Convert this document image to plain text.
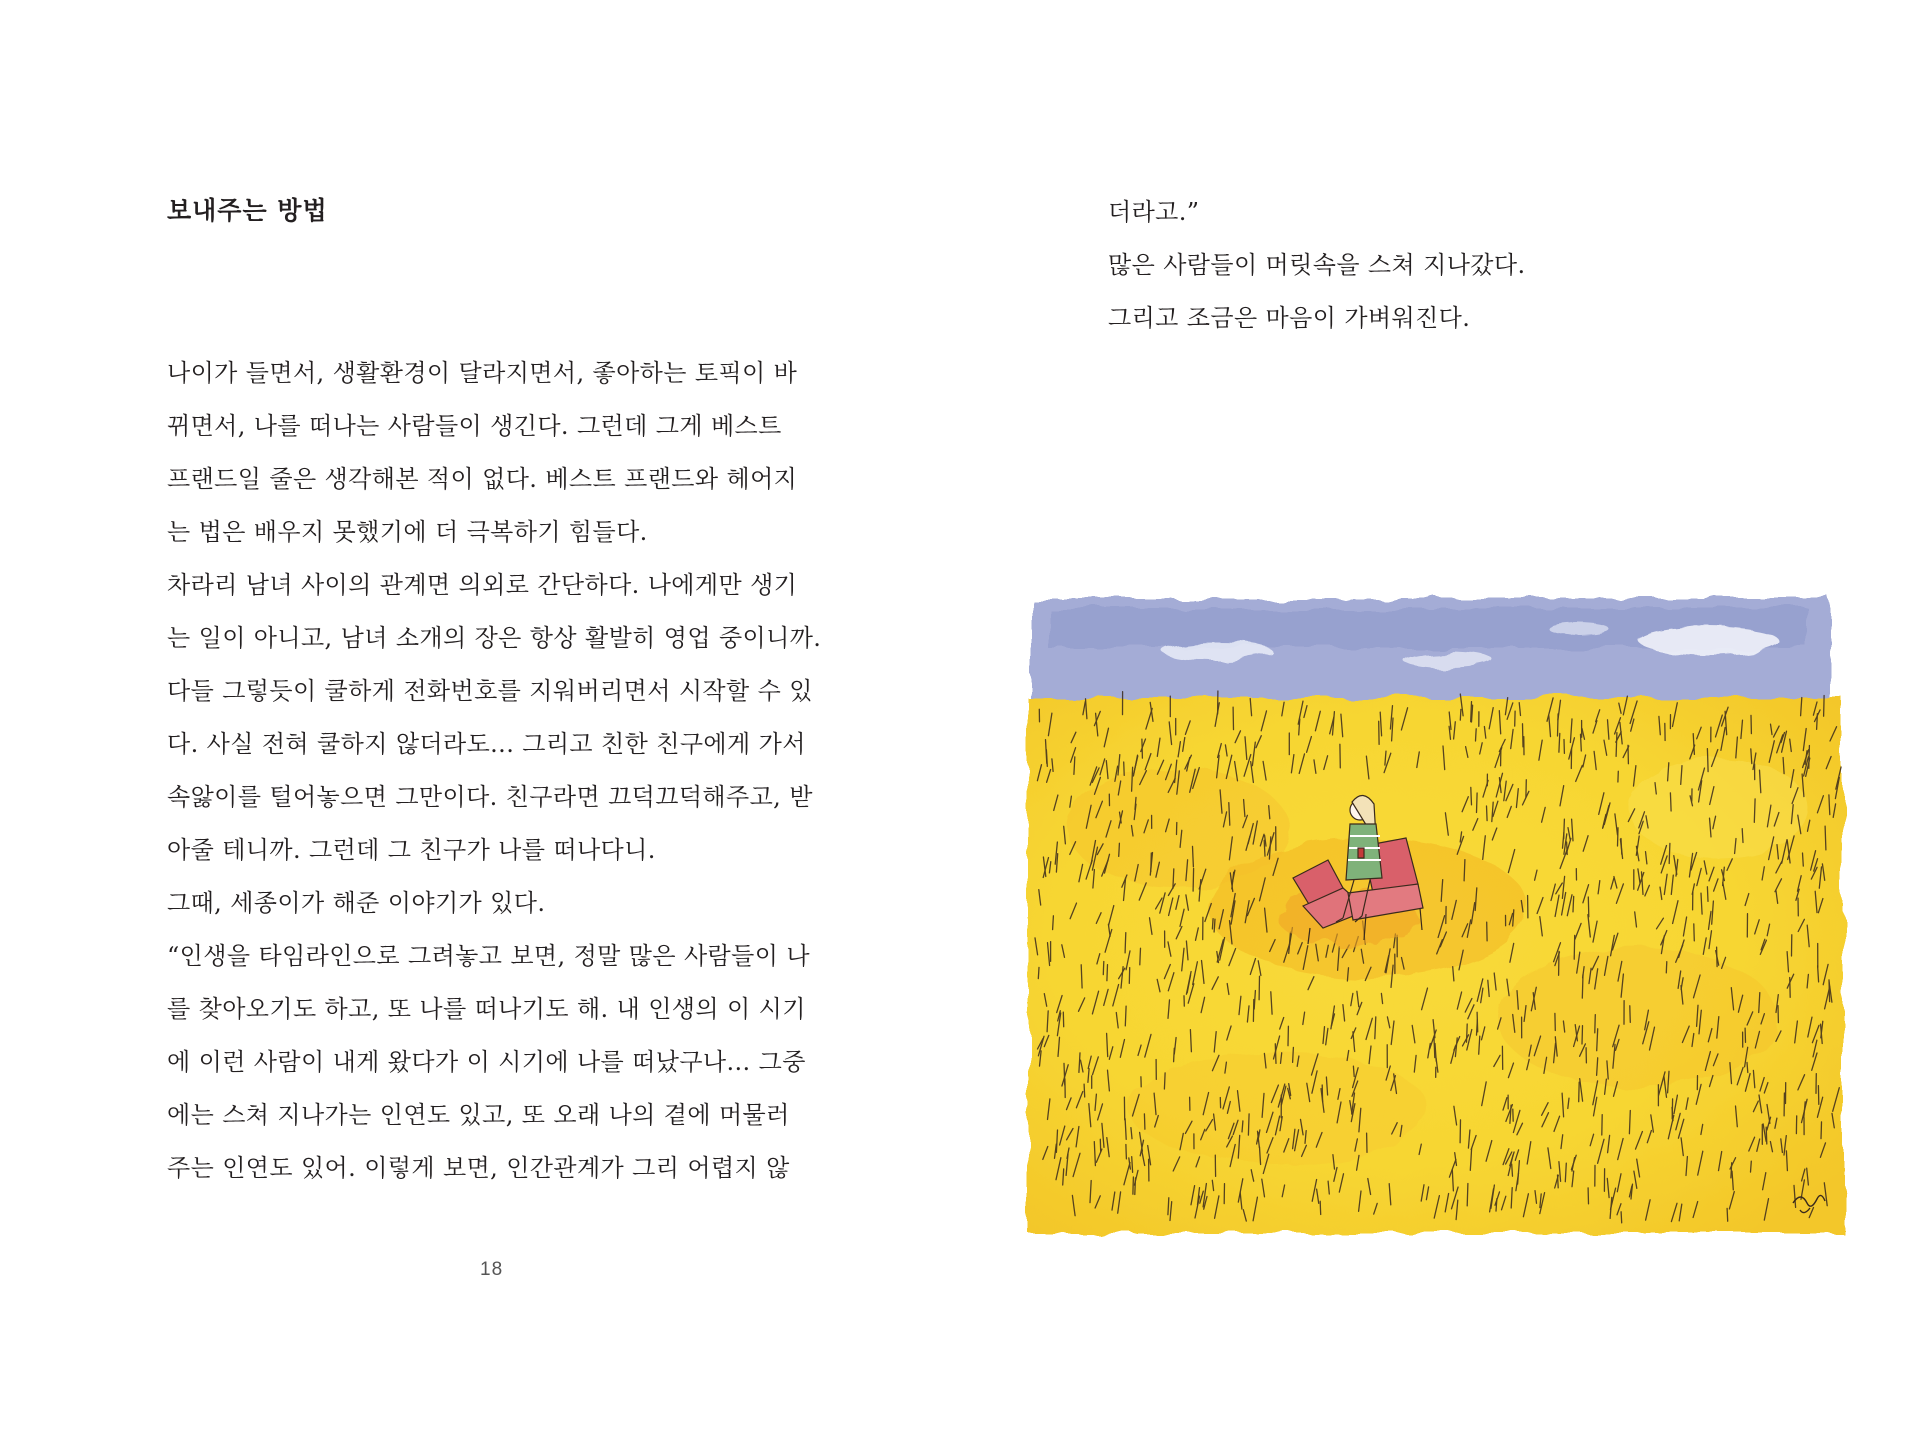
보내주는 방법
나이가 들면서, 생활환경이 달라지면서, 좋아하는 토픽이 바
뀌면서, 나를 떠나는 사람들이 생긴다. 그런데 그게 베스트
프랜드일 줄은 생각해본 적이 없다. 베스트 프랜드와 헤어지
는 법은 배우지 못했기에 더 극복하기 힘들다.
차라리 남녀 사이의 관계면 의외로 간단하다. 나에게만 생기
는 일이 아니고, 남녀 소개의 장은 항상 활발히 영업 중이니까.
다들 그렇듯이 쿨하게 전화번호를 지워버리면서 시작할 수 있
다. 사실 전혀 쿨하지 않더라도... 그리고 친한 친구에게 가서
속앓이를 털어놓으면 그만이다. 친구라면 끄덕끄덕해주고, 받
아줄 테니까. 그런데 그 친구가 나를 떠나다니.
그때, 세종이가 해준 이야기가 있다.
“인생을 타임라인으로 그려놓고 보면, 정말 많은 사람들이 나
를 찾아오기도 하고, 또 나를 떠나기도 해. 내 인생의 이 시기
에 이런 사람이 내게 왔다가 이 시기에 나를 떠났구나... 그중
에는 스쳐 지나가는 인연도 있고, 또 오래 나의 곁에 머물러
주는 인연도 있어. 이렇게 보면, 인간관계가 그리 어렵지 않
18
더라고.”
많은 사람들이 머릿속을 스쳐 지나갔다.
그리고 조금은 마음이 가벼워진다.
